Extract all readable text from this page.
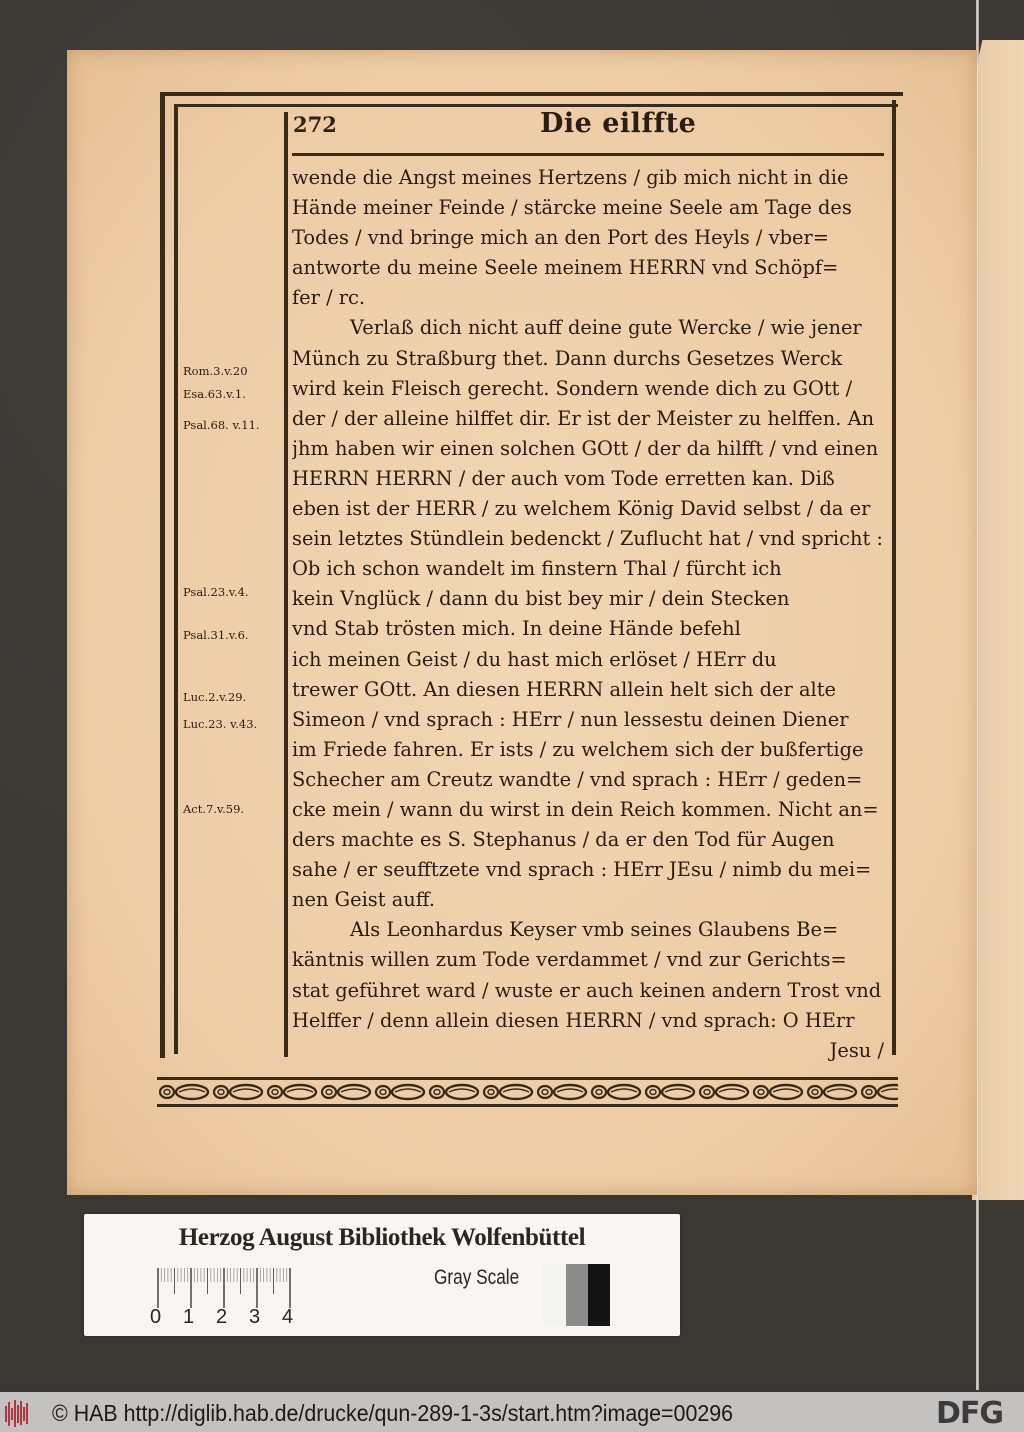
272	Die eilffte
wende die Angst meines Hertzens / gib mich nicht in die
Hände meiner Feinde / stärcke meine Seele am Tage des
Todes / vnd bringe mich an den Port des Heyls / vber=
antworte du meine Seele meinem HERRN vnd Schöpf=
fer / rc.
Verlaß dich nicht auff deine gute Wercke / wie jener
Münch zu Straßburg thet. Dann durchs Gesetzes Werck
wird kein Fleisch gerecht. Sondern wende dich zu GOtt /
der / der alleine hilffet dir. Er ist der Meister zu helffen. An
jhm haben wir einen solchen GOtt / der da hilfft / vnd einen
HERRN HERRN / der auch vom Tode erretten kan. Diß
eben ist der HERR / zu welchem König David selbst / da er
sein letztes Stündlein bedenckt / Zuflucht hat / vnd spricht :
Ob ich schon wandelt im finstern Thal / fürcht ich
kein Vnglück / dann du bist bey mir / dein Stecken
vnd Stab trösten mich. In deine Hände befehl
ich meinen Geist / du hast mich erlöset / HErr du
trewer GOtt. An diesen HERRN allein helt sich der alte
Simeon / vnd sprach : HErr / nun lessestu deinen Diener
im Friede fahren. Er ists / zu welchem sich der bußfertige
Schecher am Creutz wandte / vnd sprach : HErr / geden=
cke mein / wann du wirst in dein Reich kommen. Nicht an=
ders machte es S. Stephanus / da er den Tod für Augen
sahe / er seufftzete vnd sprach : HErr JEsu / nimb du mei=
nen Geist auff.
Als Leonhardus Keyser vmb seines Glaubens Be=
käntnis willen zum Tode verdammet / vnd zur Gerichts=
stat geführet ward / wuste er auch keinen andern Trost vnd
Helffer / denn allein diesen HERRN / vnd sprach: O HErr
Jesu /
Rom.3.v.20
Esa.63.v.1.
Psal.68. v.11.
Psal.23.v.4.
Psal.31.v.6.
Luc.2.v.29.
Luc.23. v.43.
Act.7.v.59.
Herzog August Bibliothek Wolfenbüttel
0 1 2 3 4
Gray Scale
© HAB http://diglib.hab.de/drucke/qun-289-1-3s/start.htm?image=00296	DFG
